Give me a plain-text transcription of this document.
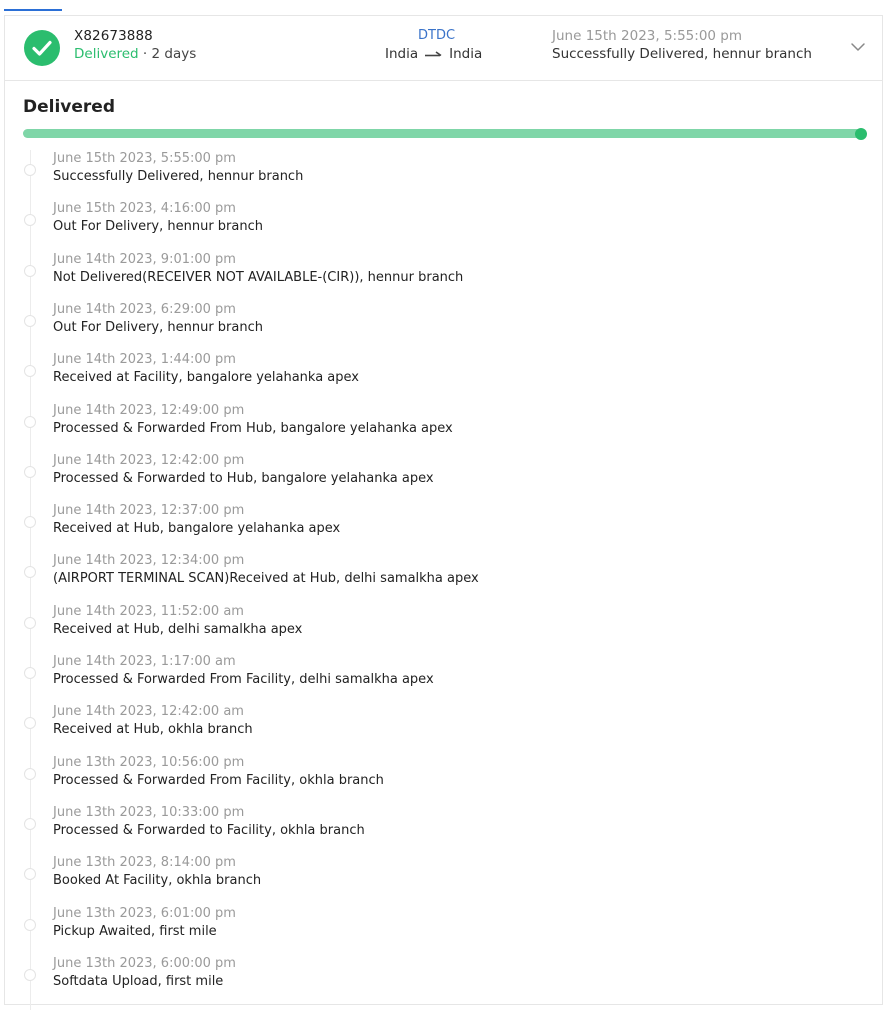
X82673888
Delivered · 2 days
DTDC
India India
June 15th 2023, 5:55:00 pm
Successfully Delivered, hennur branch
Delivered
June 15th 2023, 5:55:00 pm
Successfully Delivered, hennur branch
June 15th 2023, 4:16:00 pm
Out For Delivery, hennur branch
June 14th 2023, 9:01:00 pm
Not Delivered(RECEIVER NOT AVAILABLE-(CIR)), hennur branch
June 14th 2023, 6:29:00 pm
Out For Delivery, hennur branch
June 14th 2023, 1:44:00 pm
Received at Facility, bangalore yelahanka apex
June 14th 2023, 12:49:00 pm
Processed & Forwarded From Hub, bangalore yelahanka apex
June 14th 2023, 12:42:00 pm
Processed & Forwarded to Hub, bangalore yelahanka apex
June 14th 2023, 12:37:00 pm
Received at Hub, bangalore yelahanka apex
June 14th 2023, 12:34:00 pm
(AIRPORT TERMINAL SCAN)Received at Hub, delhi samalkha apex
June 14th 2023, 11:52:00 am
Received at Hub, delhi samalkha apex
June 14th 2023, 1:17:00 am
Processed & Forwarded From Facility, delhi samalkha apex
June 14th 2023, 12:42:00 am
Received at Hub, okhla branch
June 13th 2023, 10:56:00 pm
Processed & Forwarded From Facility, okhla branch
June 13th 2023, 10:33:00 pm
Processed & Forwarded to Facility, okhla branch
June 13th 2023, 8:14:00 pm
Booked At Facility, okhla branch
June 13th 2023, 6:01:00 pm
Pickup Awaited, first mile
June 13th 2023, 6:00:00 pm
Softdata Upload, first mile
